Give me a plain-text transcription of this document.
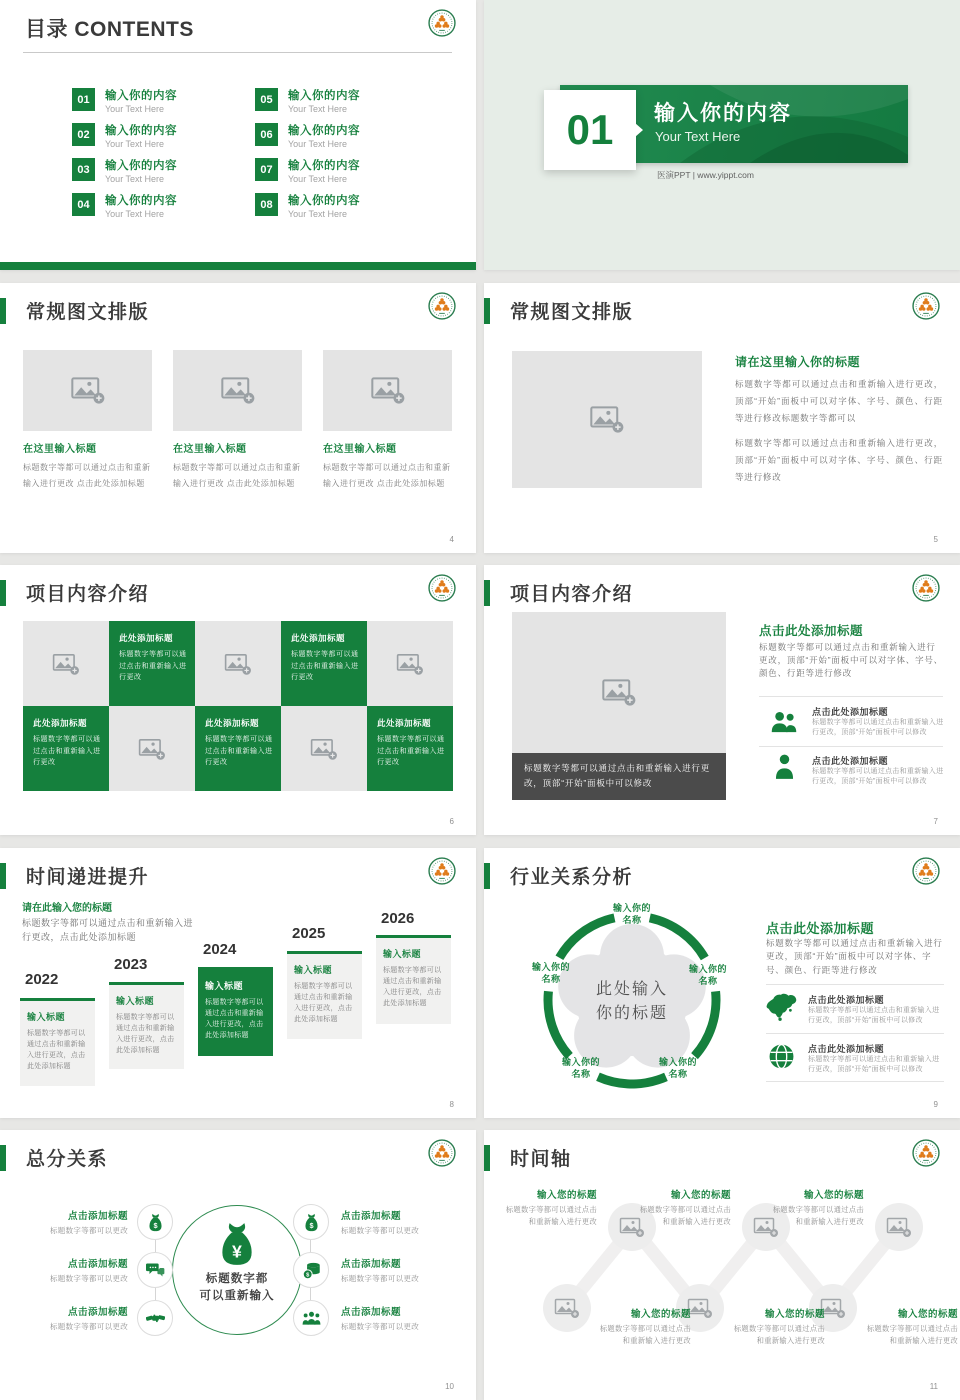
目录 CONTENTS
01	输入你的内容
Your Text Here
02	输入你的内容
Your Text Here
03	输入你的内容
Your Text Here
04	输入你的内容
Your Text Here
05	输入你的内容
Your Text Here
06	输入你的内容
Your Text Here
07	输入你的内容
Your Text Here
08	输入你的内容
Your Text Here
输入你的内容
Your Text Here
01
医演PPT | www.yippt.com
常规图文排版
在这里输入标题	在这里输入标题	在这里输入标题
标题数字等都可以通过点击和重新
输入进行更改 点击此处添加标题
标题数字等都可以通过点击和重新
输入进行更改 点击此处添加标题
标题数字等都可以通过点击和重新
输入进行更改 点击此处添加标题
4
常规图文排版
请在这里输入你的标题
标题数字等都可以通过点击和重新输入进行更改，顶部“开始”面板中可以对字体、字号、颜色、行距等进行修改标题数字等都可以
标题数字等都可以通过点击和重新输入进行更改，顶部“开始”面板中可以对字体、字号、颜色、行距等进行修改
5
项目内容介绍
此处添加标题

标题数字等都可以通过点击和重新输入进行更改

此处添加标题

标题数字等都可以通过点击和重新输入进行更改

此处添加标题

标题数字等都可以通过点击和重新输入进行更改

此处添加标题

标题数字等都可以通过点击和重新输入进行更改

此处添加标题

标题数字等都可以通过点击和重新输入进行更改

6
项目内容介绍
标题数字等都可以通过点击和重新输入进行更改，顶部“开始”面板中可以修改
点击此处添加标题
标题数字等都可以通过点击和重新输入进行更改，顶部“开始”面板中可以对字体、字号、颜色、行距等进行修改
点击此处添加标题
标题数字等都可以通过点击和重新输入进行更改，顶部“开始”面板中可以修改
点击此处添加标题
标题数字等都可以通过点击和重新输入进行更改，顶部“开始”面板中可以修改
7
时间递进提升
请在此输入您的标题
标题数字等都可以通过点击和重新输入进行更改，点击此处添加标题
2022
输入标题

标题数字等都可以通过点击和重新输入进行更改，点击此处添加标题

2023
输入标题

标题数字等都可以通过点击和重新输入进行更改，点击此处添加标题

2024
输入标题

标题数字等都可以通过点击和重新输入进行更改，点击此处添加标题

2025
输入标题

标题数字等都可以通过点击和重新输入进行更改，点击此处添加标题

2026
输入标题

标题数字等都可以通过点击和重新输入进行更改，点击此处添加标题

8
行业关系分析
此处输入
你的标题
输入你的
名称
输入你的
名称
输入你的
名称
输入你的
名称
输入你的
名称
点击此处添加标题
标题数字等都可以通过点击和重新输入进行更改，顶部“开始”面板中可以对字体、字号、颜色、行距等进行修改
点击此处添加标题
标题数字等都可以通过点击和重新输入进行更改，顶部“开始”面板中可以修改
点击此处添加标题
标题数字等都可以通过点击和重新输入进行更改，顶部“开始”面板中可以修改
9
总分关系
标题数字都
可以重新输入
点击添加标题

标题数字等都可以更改

点击添加标题

标题数字等都可以更改

点击添加标题

标题数字等都可以更改

点击添加标题

标题数字等都可以更改

点击添加标题

标题数字等都可以更改

点击添加标题

标题数字等都可以更改

10
时间轴
输入您的标题
标题数字等都可以通过点击
和重新输入进行更改
输入您的标题
标题数字等都可以通过点击
和重新输入进行更改
输入您的标题
标题数字等都可以通过点击
和重新输入进行更改
输入您的标题
标题数字等都可以通过点击
和重新输入进行更改
输入您的标题
标题数字等都可以通过点击
和重新输入进行更改
输入您的标题
标题数字等都可以通过点击
和重新输入进行更改
11
